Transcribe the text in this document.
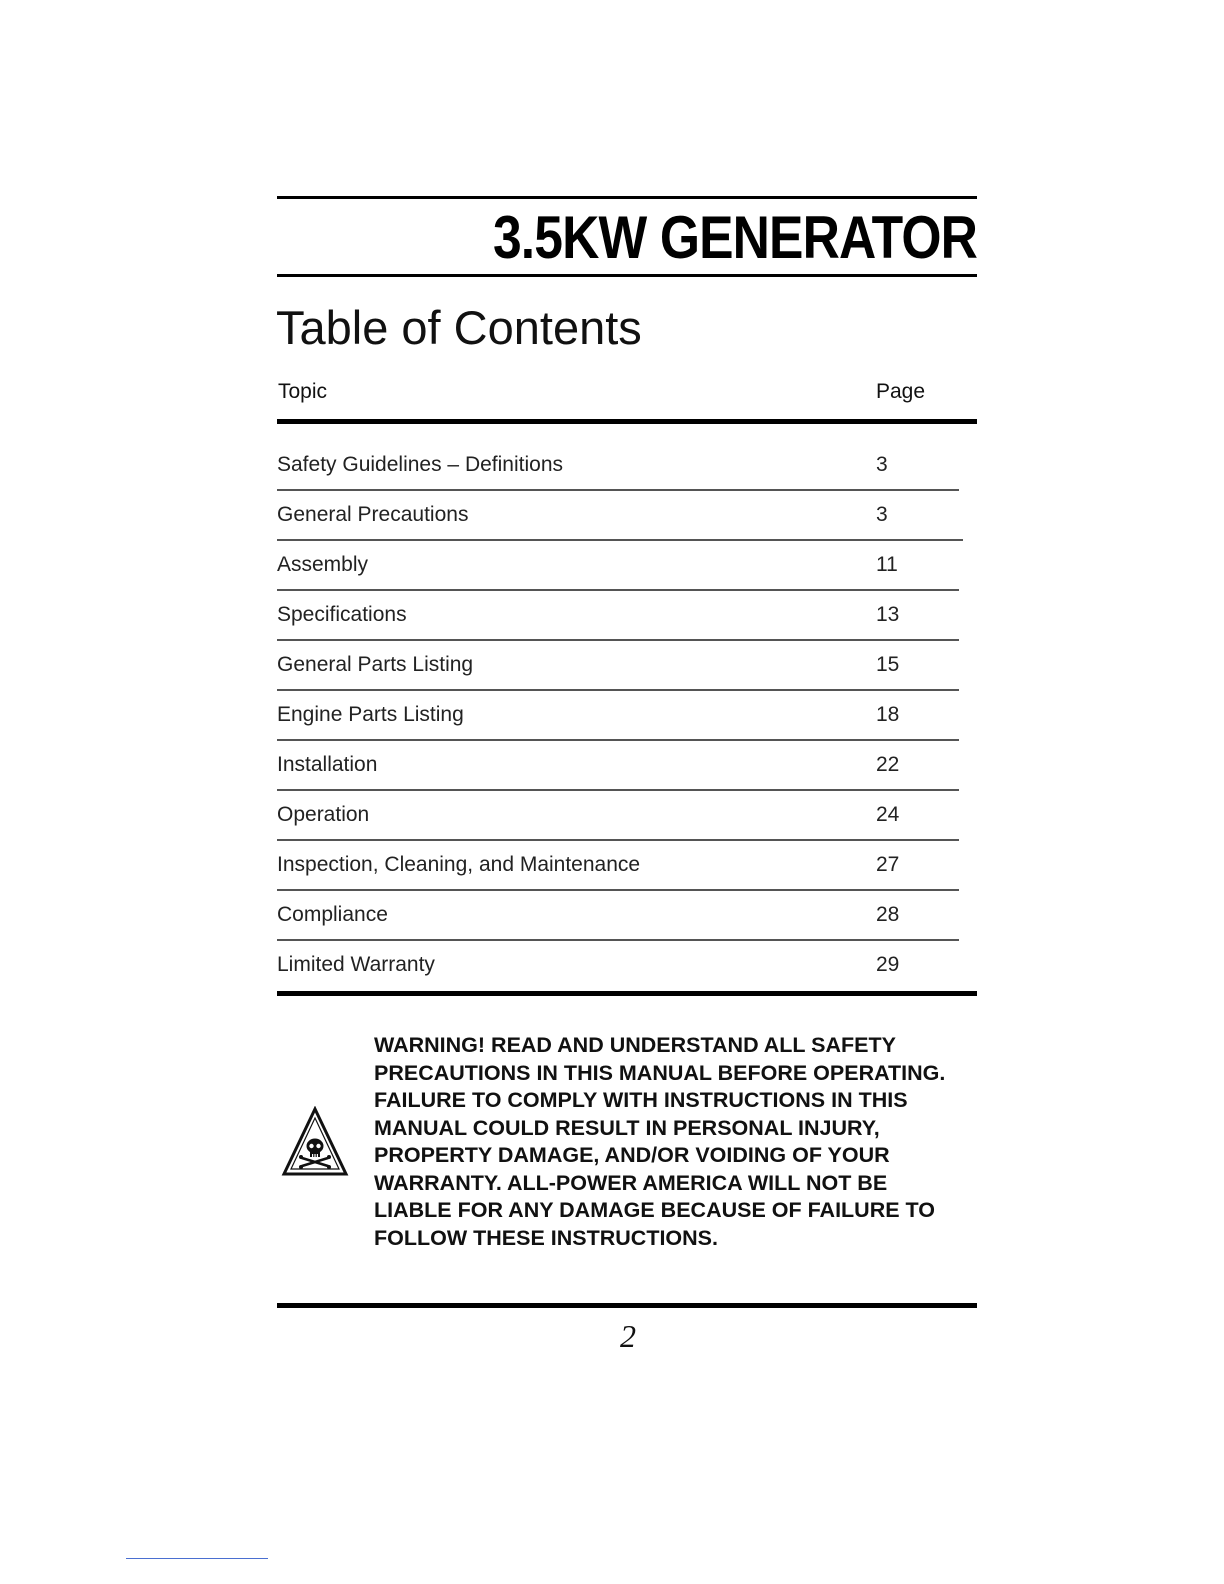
3.5KW GENERATOR
Table of Contents
Topic	Page
Safety Guidelines – Definitions	3
General Precautions	3
Assembly	11
Specifications	13
General Parts Listing	15
Engine Parts Listing	18
Installation	22
Operation	24
Inspection, Cleaning, and Maintenance	27
Compliance	28
Limited Warranty	29
WARNING! READ AND UNDERSTAND ALL SAFETY
PRECAUTIONS IN THIS MANUAL BEFORE OPERATING.
FAILURE TO COMPLY WITH INSTRUCTIONS IN THIS
MANUAL COULD RESULT IN PERSONAL INJURY,
PROPERTY DAMAGE, AND/OR VOIDING OF YOUR
WARRANTY. ALL-POWER AMERICA WILL NOT BE
LIABLE FOR ANY DAMAGE BECAUSE OF FAILURE TO
FOLLOW THESE INSTRUCTIONS.
2
